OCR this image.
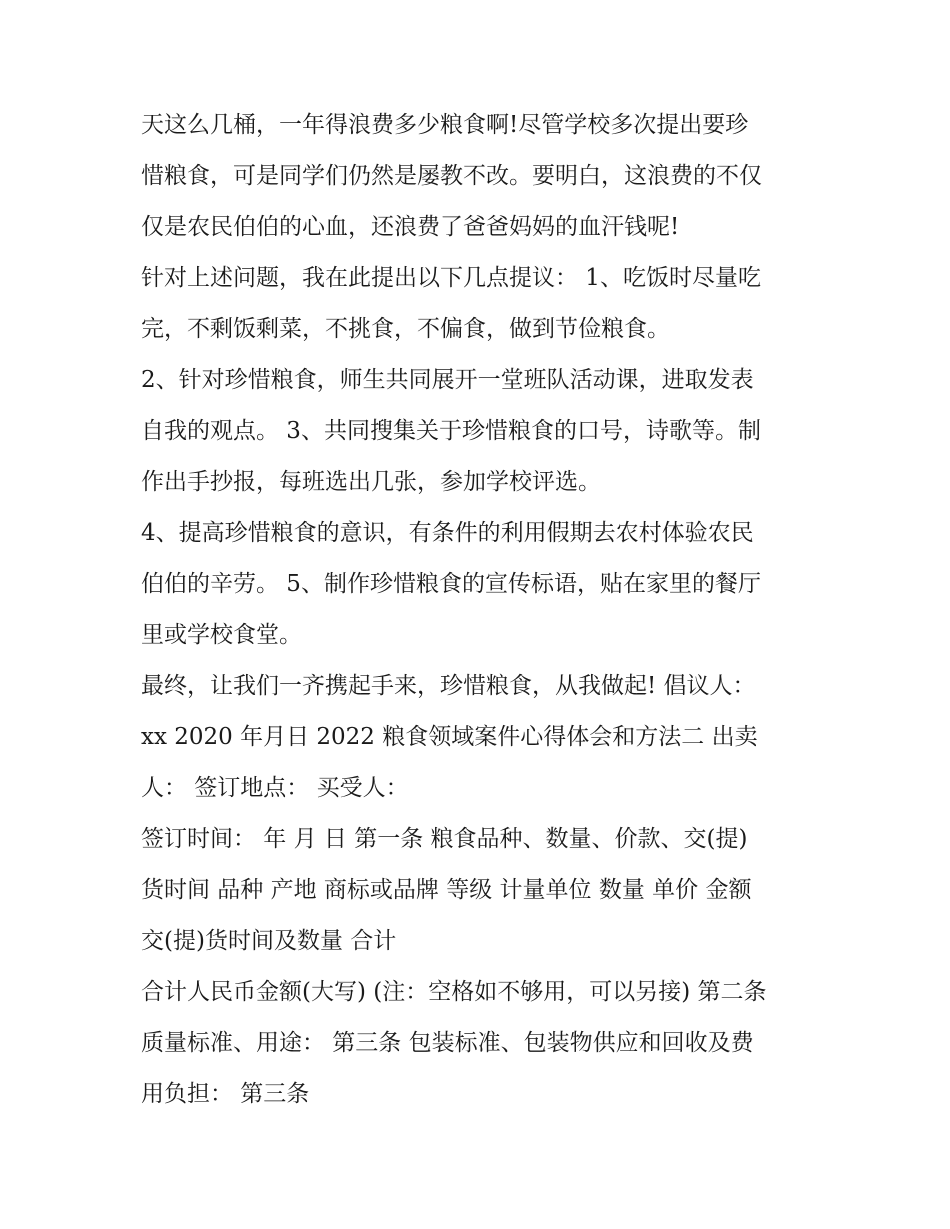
天这么几桶，一年得浪费多少粮食啊!尽管学校多次提出要珍
惜粮食，可是同学们仍然是屡教不改。要明白，这浪费的不仅
仅是农民伯伯的心血，还浪费了爸爸妈妈的血汗钱呢!
针对上述问题，我在此提出以下几点提议： 1、吃饭时尽量吃
完，不剩饭剩菜，不挑食，不偏食，做到节俭粮食。
2、针对珍惜粮食，师生共同展开一堂班队活动课，进取发表
自我的观点。 3、共同搜集关于珍惜粮食的口号，诗歌等。制
作出手抄报，每班选出几张，参加学校评选。
4、提高珍惜粮食的意识，有条件的利用假期去农村体验农民
伯伯的辛劳。 5、制作珍惜粮食的宣传标语，贴在家里的餐厅
里或学校食堂。
最终，让我们一齐携起手来，珍惜粮食，从我做起! 倡议人：
xx 2020 年月日 2022 粮食领域案件心得体会和方法二 出卖
人： 签订地点： 买受人：
签订时间： 年 月 日 第一条 粮食品种、数量、价款、交(提)
货时间 品种 产地 商标或品牌 等级 计量单位 数量 单价 金额
交(提)货时间及数量 合计
合计人民币金额(大写) (注：空格如不够用，可以另接) 第二条
质量标准、用途： 第三条 包装标准、包装物供应和回收及费
用负担： 第三条
